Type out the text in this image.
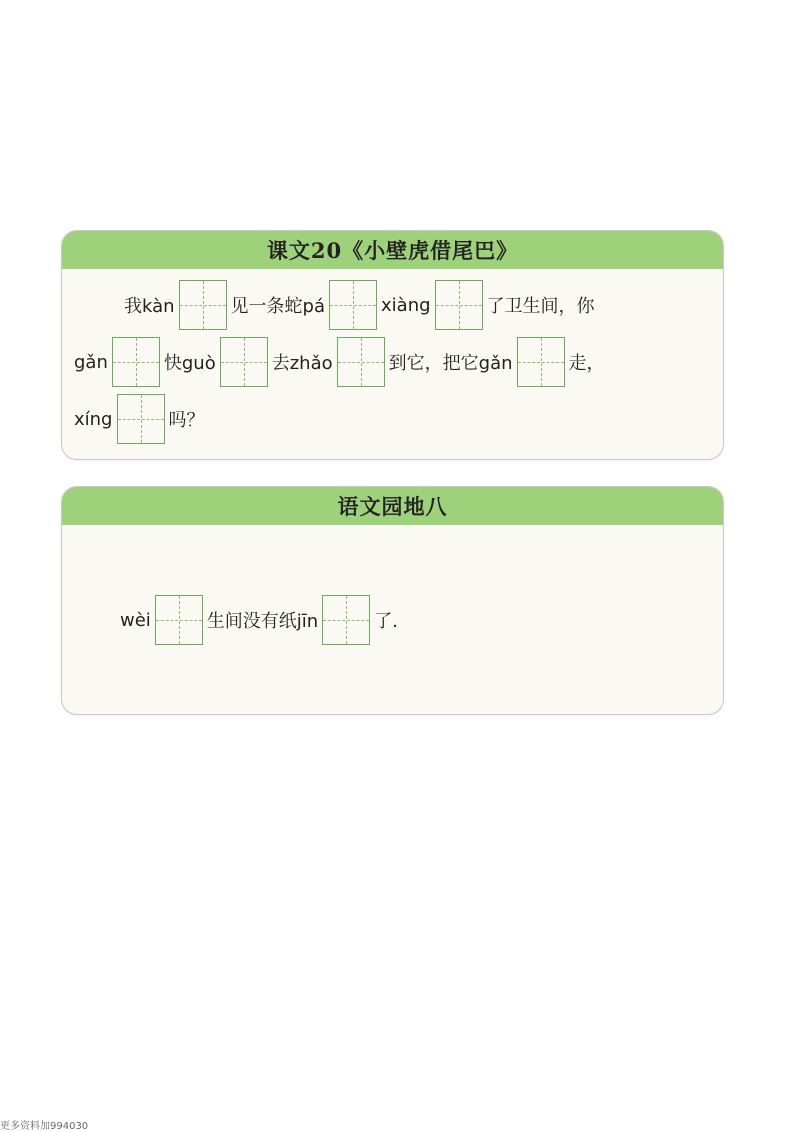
课文20《小壁虎借尾巴》
我kàn	见一条蛇pá	xiàng	了卫生间，你
gǎn	快guò	去zhǎo	到它，把它gǎn	走，
xíng	吗？
语文园地八
wèi	生间没有纸jīn	了.
更多资料加994030
